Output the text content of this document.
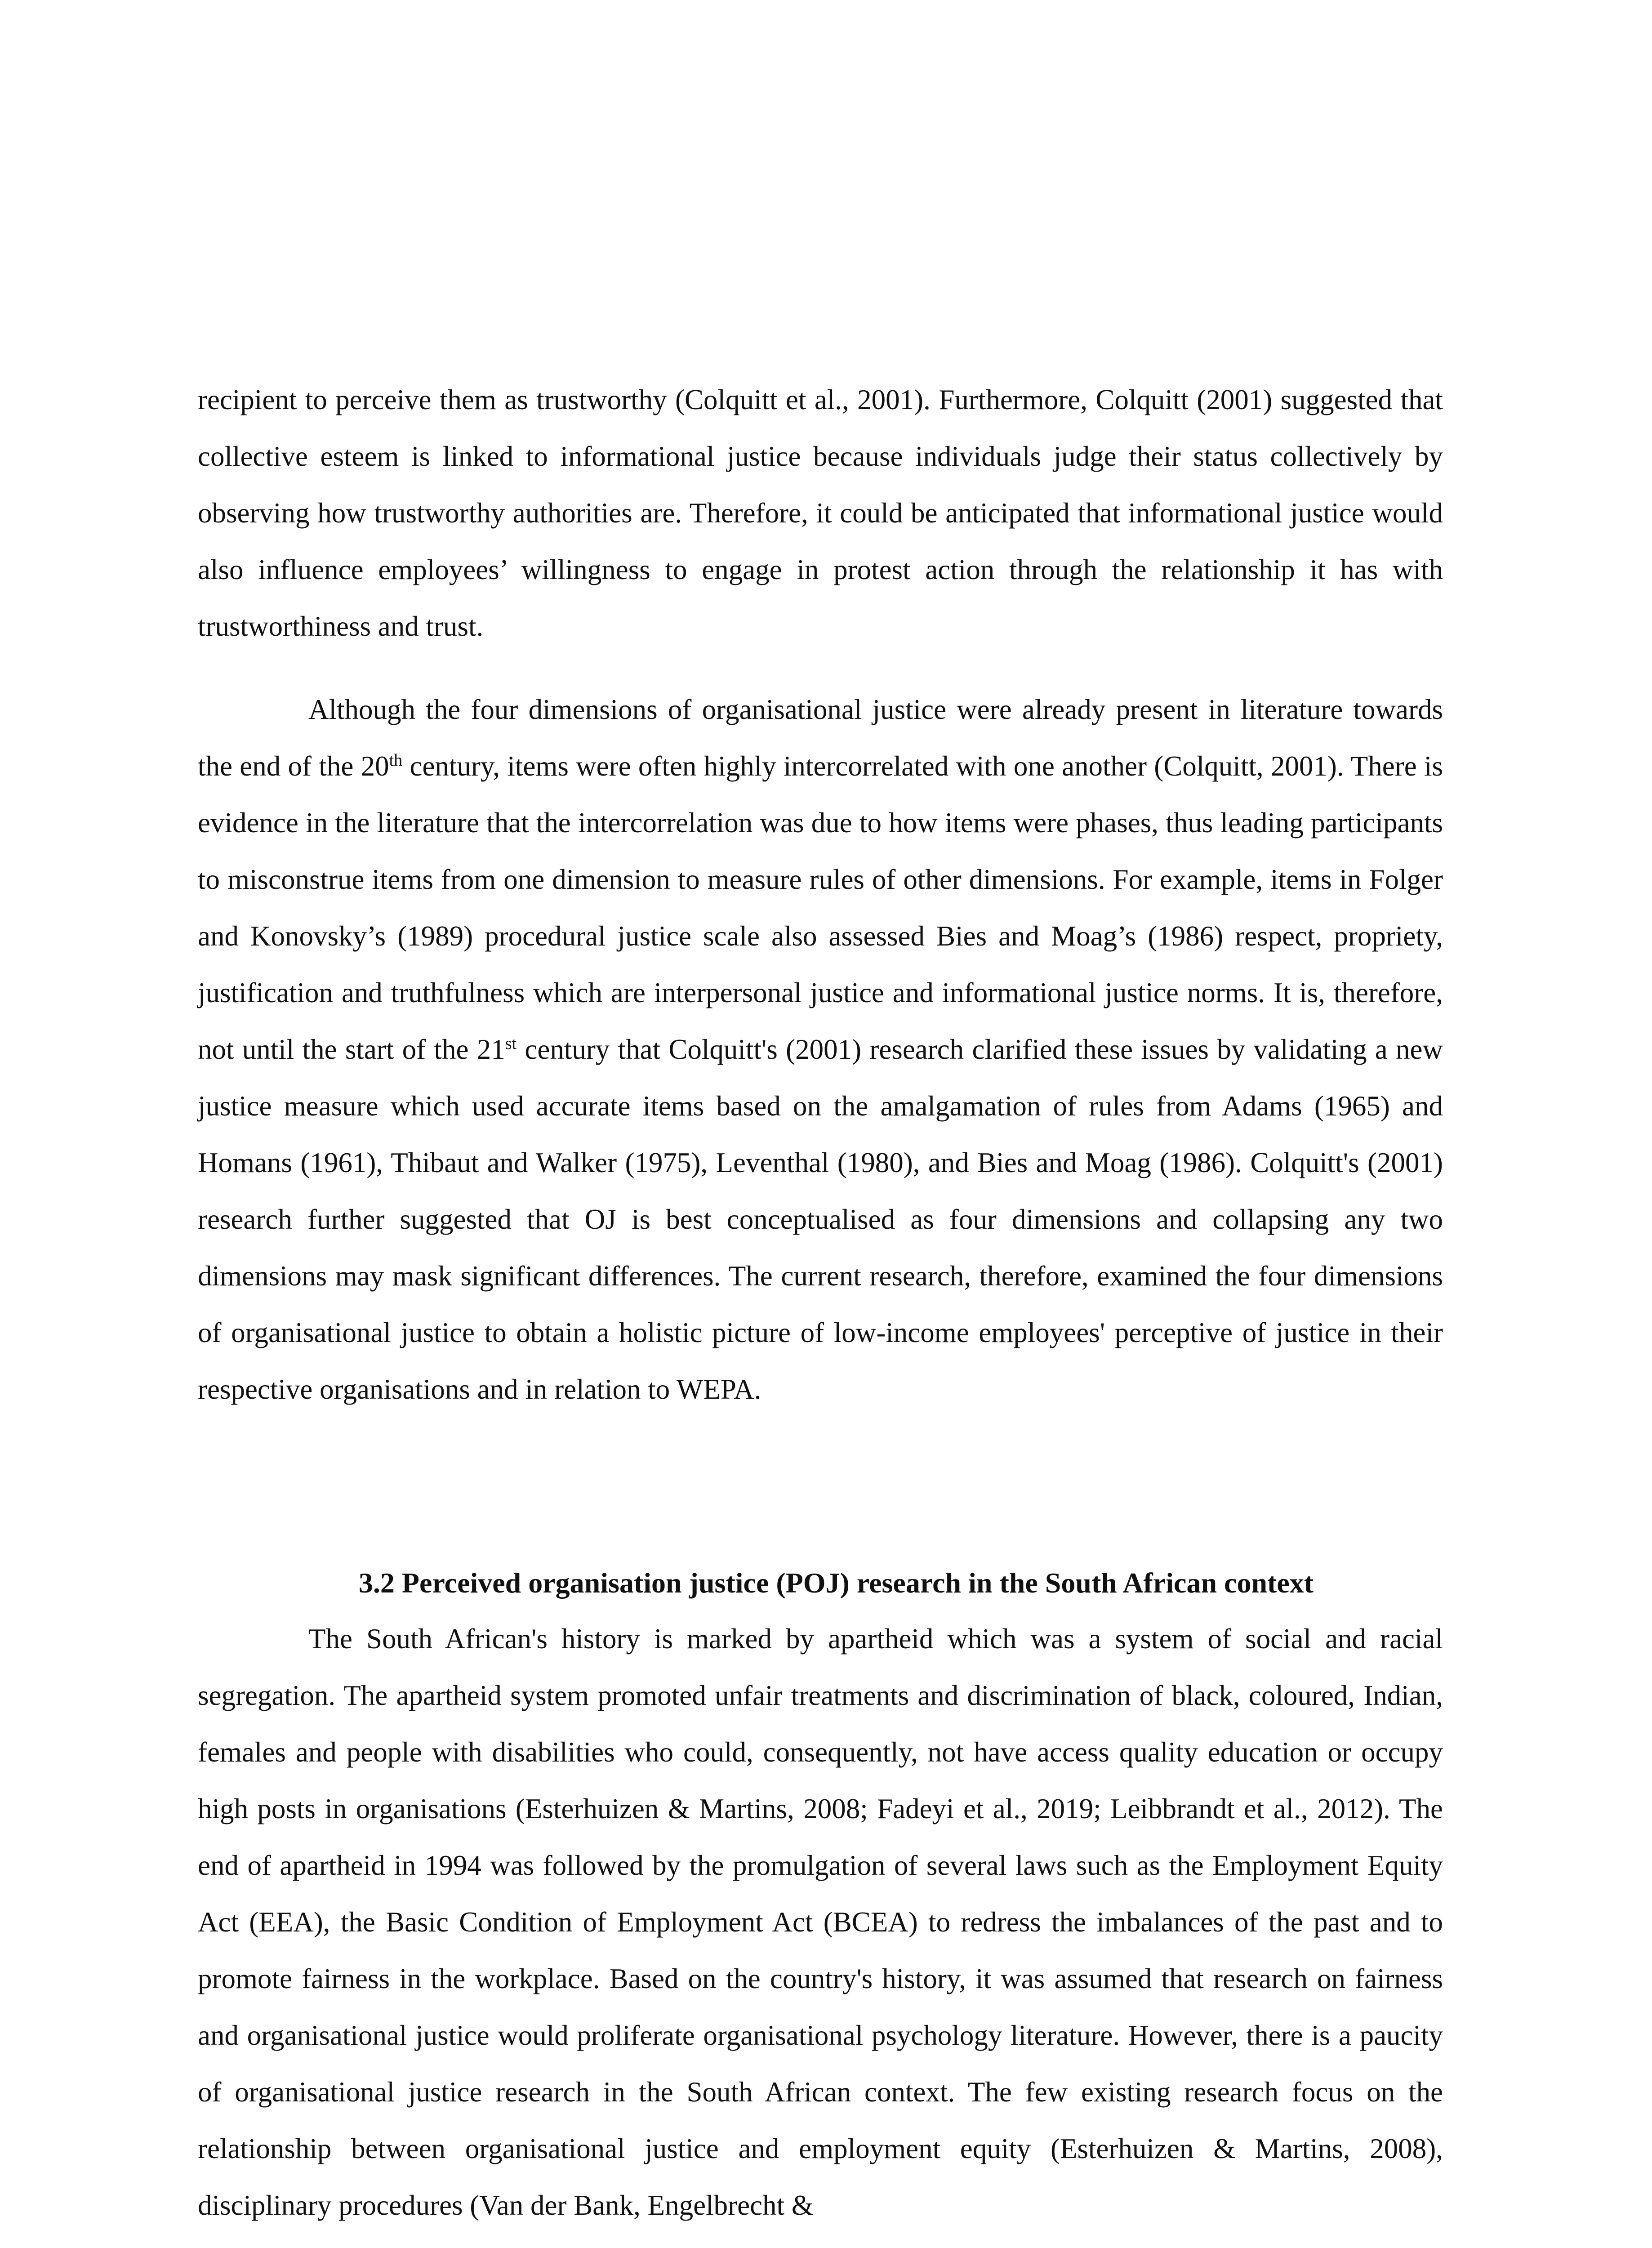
recipient to perceive them as trustworthy (Colquitt et al., 2001). Furthermore, Colquitt (2001) suggested that collective esteem is linked to informational justice because individuals judge their status collectively by observing how trustworthy authorities are. Therefore, it could be anticipated that informational justice would also influence employees’ willingness to engage in protest action through the relationship it has with trustworthiness and trust.

Although the four dimensions of organisational justice were already present in literature towards the end of the 20th century, items were often highly intercorrelated with one another (Colquitt, 2001). There is evidence in the literature that the intercorrelation was due to how items were phases, thus leading participants to misconstrue items from one dimension to measure rules of other dimensions. For example, items in Folger and Konovsky’s (1989) procedural justice scale also assessed Bies and Moag’s (1986) respect, propriety, justification and truthfulness which are interpersonal justice and informational justice norms. It is, therefore, not until the start of the 21st century that Colquitt's (2001) research clarified these issues by validating a new justice measure which used accurate items based on the amalgamation of rules from Adams (1965) and Homans (1961), Thibaut and Walker (1975), Leventhal (1980), and Bies and Moag (1986). Colquitt's (2001) research further suggested that OJ is best conceptualised as four dimensions and collapsing any two dimensions may mask significant differences. The current research, therefore, examined the four dimensions of organisational justice to obtain a holistic picture of low-income employees' perceptive of justice in their respective organisations and in relation to WEPA.

3.2 Perceived organisation justice (POJ) research in the South African context

The South African's history is marked by apartheid which was a system of social and racial segregation. The apartheid system promoted unfair treatments and discrimination of black, coloured, Indian, females and people with disabilities who could, consequently, not have access quality education or occupy high posts in organisations (Esterhuizen & Martins, 2008; Fadeyi et al., 2019; Leibbrandt et al., 2012). The end of apartheid in 1994 was followed by the promulgation of several laws such as the Employment Equity Act (EEA), the Basic Condition of Employment Act (BCEA) to redress the imbalances of the past and to promote fairness in the workplace. Based on the country's history, it was assumed that research on fairness and organisational justice would proliferate organisational psychology literature. However, there is a paucity of organisational justice research in the South African context. The few existing research focus on the relationship between organisational justice and employment equity (Esterhuizen & Martins, 2008), disciplinary procedures (Van der Bank, Engelbrecht &
